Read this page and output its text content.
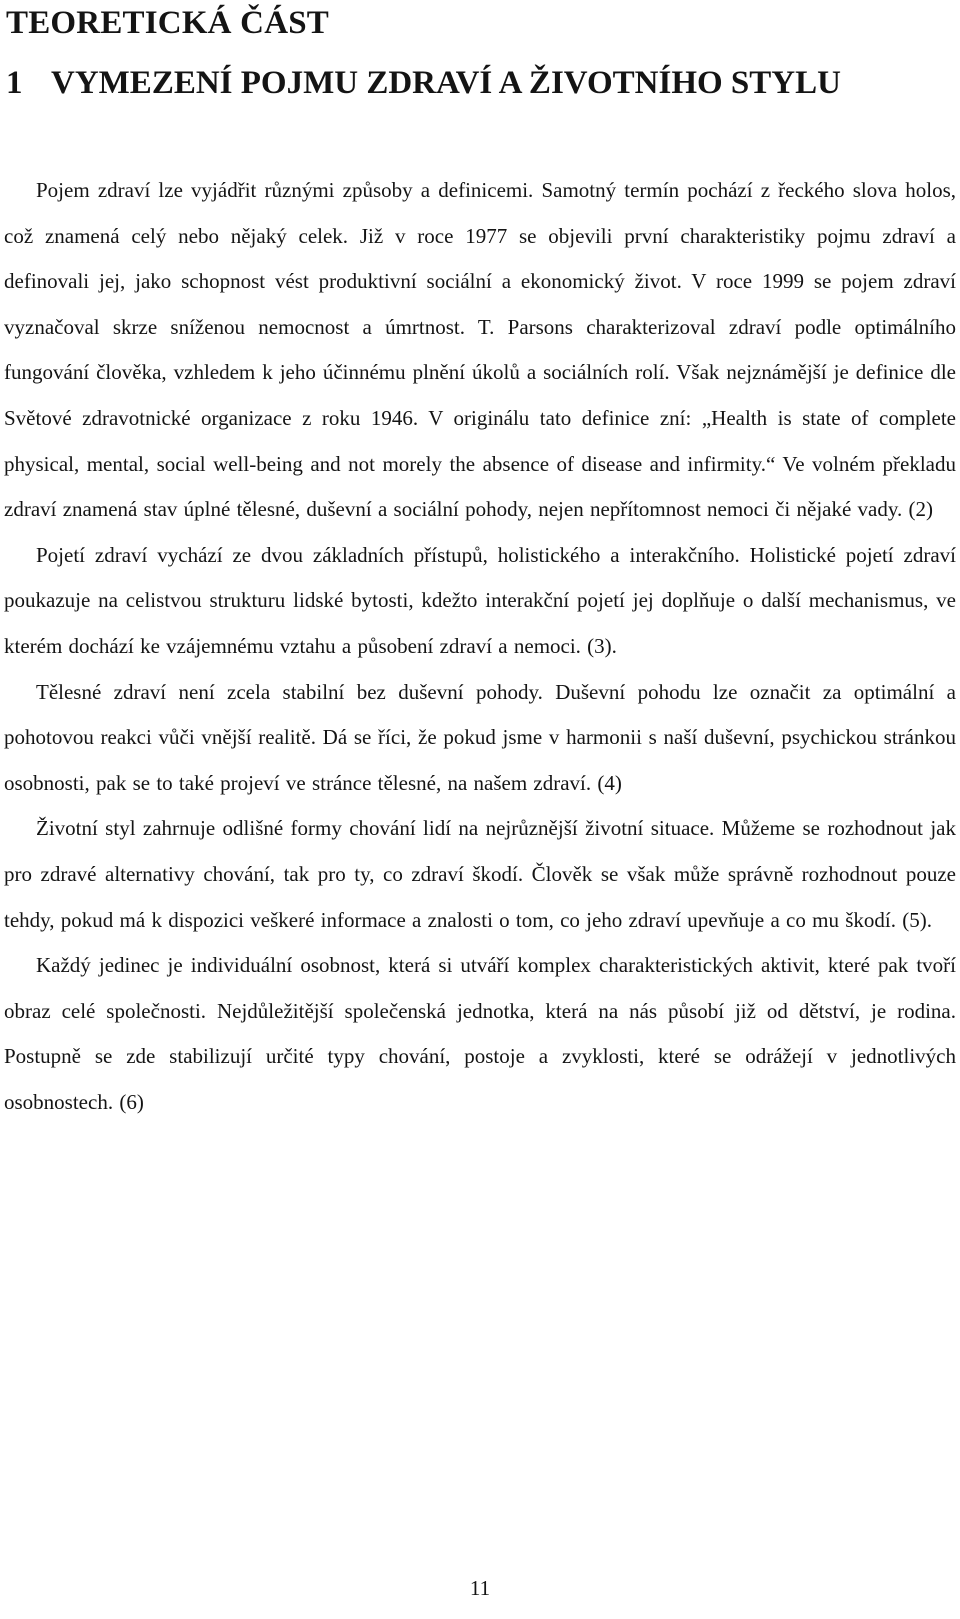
TEORETICKÁ ČÁST
1 VYMEZENÍ POJMU ZDRAVÍ A ŽIVOTNÍHO STYLU

Pojem zdraví lze vyjádřit různými způsoby a definicemi. Samotný termín pochází z řeckého slova holos, což znamená celý nebo nějaký celek. Již v roce 1977 se objevili první charakteristiky pojmu zdraví a definovali jej, jako schopnost vést produktivní sociální a ekonomický život. V roce 1999 se pojem zdraví vyznačoval skrze sníženou nemocnost a úmrtnost. T. Parsons charakterizoval zdraví podle optimálního fungování člověka, vzhledem k jeho účinnému plnění úkolů a sociálních rolí. Však nejznámější je definice dle Světové zdravotnické organizace z roku 1946. V originálu tato definice zní: „Health is state of complete physical, mental, social well-being and not morely the absence of disease and infirmity.“ Ve volném překladu zdraví znamená stav úplné tělesné, duševní a sociální pohody, nejen nepřítomnost nemoci či nějaké vady. (2)

Pojetí zdraví vychází ze dvou základních přístupů, holistického a interakčního. Holistické pojetí zdraví poukazuje na celistvou strukturu lidské bytosti, kdežto interakční pojetí jej doplňuje o další mechanismus, ve kterém dochází ke vzájemnému vztahu a působení zdraví a nemoci. (3).

Tělesné zdraví není zcela stabilní bez duševní pohody. Duševní pohodu lze označit za optimální a pohotovou reakci vůči vnější realitě. Dá se říci, že pokud jsme v harmonii s naší duševní, psychickou stránkou osobnosti, pak se to také projeví ve stránce tělesné, na našem zdraví. (4)

Životní styl zahrnuje odlišné formy chování lidí na nejrůznější životní situace. Můžeme se rozhodnout jak pro zdravé alternativy chování, tak pro ty, co zdraví škodí. Člověk se však může správně rozhodnout pouze tehdy, pokud má k dispozici veškeré informace a znalosti o tom, co jeho zdraví upevňuje a co mu škodí. (5).

Každý jedinec je individuální osobnost, která si utváří komplex charakteristických aktivit, které pak tvoří obraz celé společnosti. Nejdůležitější společenská jednotka, která na nás působí již od dětství, je rodina. Postupně se zde stabilizují určité typy chování, postoje a zvyklosti, které se odrážejí v jednotlivých osobnostech. (6)

11
